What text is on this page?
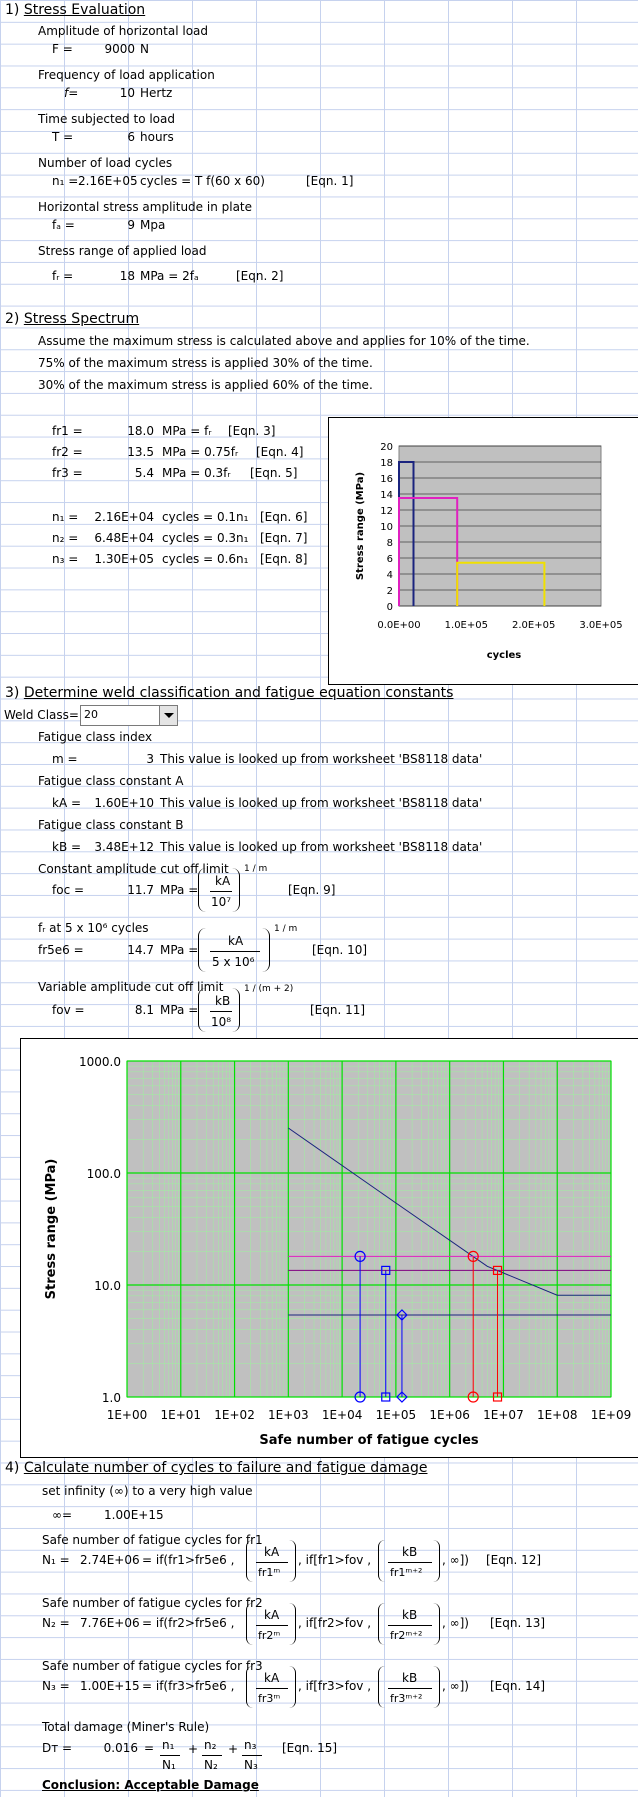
1) Stress Evaluation
Amplitude of horizontal load
F =	9000 N
Frequency of load application
f=	10 Hertz
Time subjected to load
T =	6 hours
Number of load cycles
n₁ = 2.16E+05 cycles = T f(60 x 60)	[Eqn. 1]
Horizontal stress amplitude in plate
fₐ =	9 Mpa
Stress range of applied load
fᵣ =	18 MPa = 2fₐ	[Eqn. 2]
2) Stress Spectrum
Assume the maximum stress is calculated above and applies for 10% of the time.
75% of the maximum stress is applied 30% of the time.
30% of the maximum stress is applied 60% of the time.
fr1 =	18.0 MPa = fᵣ [Eqn. 3]
fr2 =	13.5 MPa = 0.75fᵣ [Eqn. 4]
fr3 =	5.4 MPa = 0.3fᵣ [Eqn. 5]
n₁ =	2.16E+04 cycles = 0.1n₁ [Eqn. 6]
n₂ =	6.48E+04 cycles = 0.3n₁ [Eqn. 7]
n₃ =	1.30E+05 cycles = 0.6n₁ [Eqn. 8]
0
2
4
6
8
10
12
14
16
18
20
0.0E+00 1.0E+05 2.0E+05 3.0E+05
Stress range (MPa)
cycles
3) Determine weld classification and fatigue equation constants
Weld Class= 20
Fatigue class index
m =	3 This value is looked up from worksheet 'BS8118 data'
Fatigue class constant A
kA =	1.60E+10 This value is looked up from worksheet 'BS8118 data'
Fatigue class constant B
kB =	3.48E+12 This value is looked up from worksheet 'BS8118 data'
Constant amplitude cut off limit
foc =	11.7 MPa =
kA
10⁷
1 / m
[Eqn. 9]
fᵣ at 5 x 10⁶ cycles
fr5e6 =	14.7 MPa =
kA
5 x 10⁶
1 / m
[Eqn. 10]
Variable amplitude cut off limit
fov =	8.1 MPa =
kB
10⁸
1 / (m + 2)
[Eqn. 11]
1.0
10.0
100.0
1000.0
1E+00 1E+01 1E+02 1E+03 1E+04 1E+05 1E+06 1E+07 1E+08 1E+09
Stress range (MPa)
Safe number of fatigue cycles
4) Calculate number of cycles to failure and fatigue damage
set infinity (∞) to a very high value
∞=	1.00E+15
Safe number of fatigue cycles for fr1
N₁ = 2.74E+06 = if(fr1>fr5e6 ,
kA
fr1ᵐ
, if[fr1>fov ,
kB
fr1ᵐ⁺²
, ∞]) [Eqn. 12]
Safe number of fatigue cycles for fr2
N₂ = 7.76E+06 = if(fr2>fr5e6 ,
kA
fr2ᵐ
, if[fr2>fov ,
kB
fr2ᵐ⁺²
, ∞]) [Eqn. 13]
Safe number of fatigue cycles for fr3
N₃ = 1.00E+15 = if(fr3>fr5e6 ,
kA
fr3ᵐ
, if[fr3>fov ,
kB
fr3ᵐ⁺²
, ∞]) [Eqn. 14]
Total damage (Miner's Rule)
Dᴛ =	0.016 = n₁
N₁
+ n₂
N₂
+ n₃
N₃
[Eqn. 15]
Conclusion: Acceptable Damage
